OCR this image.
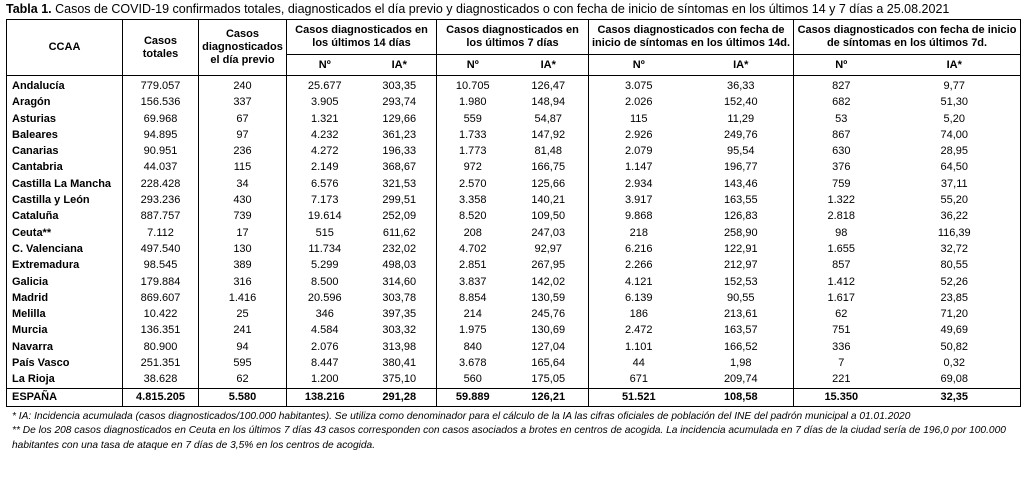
Tabla 1. Casos de COVID-19 confirmados totales, diagnosticados el día previo y diagnosticados o con fecha de inicio de síntomas en los últimos 14 y 7 días a 25.08.2021
CCAA	Casos totales	Casos diagnosticados el día previo	Casos diagnosticados en los últimos 14 días		Casos diagnosticados en los últimos 7 días		Casos diagnosticados con fecha de inicio de síntomas en los últimos 14d.		Casos diagnosticados con fecha de inicio de síntomas en los últimos 7d.	
			Nº	IA*	Nº	IA*	Nº	IA*	Nº	IA*
Andalucía	779.057	240	25.677	303,35	10.705	126,47	3.075	36,33	827	9,77
Aragón	156.536	337	3.905	293,74	1.980	148,94	2.026	152,40	682	51,30
Asturias	69.968	67	1.321	129,66	559	54,87	115	11,29	53	5,20
Baleares	94.895	97	4.232	361,23	1.733	147,92	2.926	249,76	867	74,00
Canarias	90.951	236	4.272	196,33	1.773	81,48	2.079	95,54	630	28,95
Cantabria	44.037	115	2.149	368,67	972	166,75	1.147	196,77	376	64,50
Castilla La Mancha	228.428	34	6.576	321,53	2.570	125,66	2.934	143,46	759	37,11
Castilla y León	293.236	430	7.173	299,51	3.358	140,21	3.917	163,55	1.322	55,20
Cataluña	887.757	739	19.614	252,09	8.520	109,50	9.868	126,83	2.818	36,22
Ceuta**	7.112	17	515	611,62	208	247,03	218	258,90	98	116,39
C. Valenciana	497.540	130	11.734	232,02	4.702	92,97	6.216	122,91	1.655	32,72
Extremadura	98.545	389	5.299	498,03	2.851	267,95	2.266	212,97	857	80,55
Galicia	179.884	316	8.500	314,60	3.837	142,02	4.121	152,53	1.412	52,26
Madrid	869.607	1.416	20.596	303,78	8.854	130,59	6.139	90,55	1.617	23,85
Melilla	10.422	25	346	397,35	214	245,76	186	213,61	62	71,20
Murcia	136.351	241	4.584	303,32	1.975	130,69	2.472	163,57	751	49,69
Navarra	80.900	94	2.076	313,98	840	127,04	1.101	166,52	336	50,82
País Vasco	251.351	595	8.447	380,41	3.678	165,64	44	1,98	7	0,32
La Rioja	38.628	62	1.200	375,10	560	175,05	671	209,74	221	69,08
ESPAÑA	4.815.205	5.580	138.216	291,28	59.889	126,21	51.521	108,58	15.350	32,35
* IA: Incidencia acumulada (casos diagnosticados/100.000 habitantes). Se utiliza como denominador para el cálculo de la IA las cifras oficiales de población del INE del padrón municipal a 01.01.2020
** De los 208 casos diagnosticados en Ceuta en los últimos 7 días 43 casos corresponden con casos asociados a brotes en centros de acogida. La incidencia acumulada en 7 días de la ciudad sería de 196,0 por 100.000 habitantes con una tasa de ataque en 7 días de 3,5% en los centros de acogida.
